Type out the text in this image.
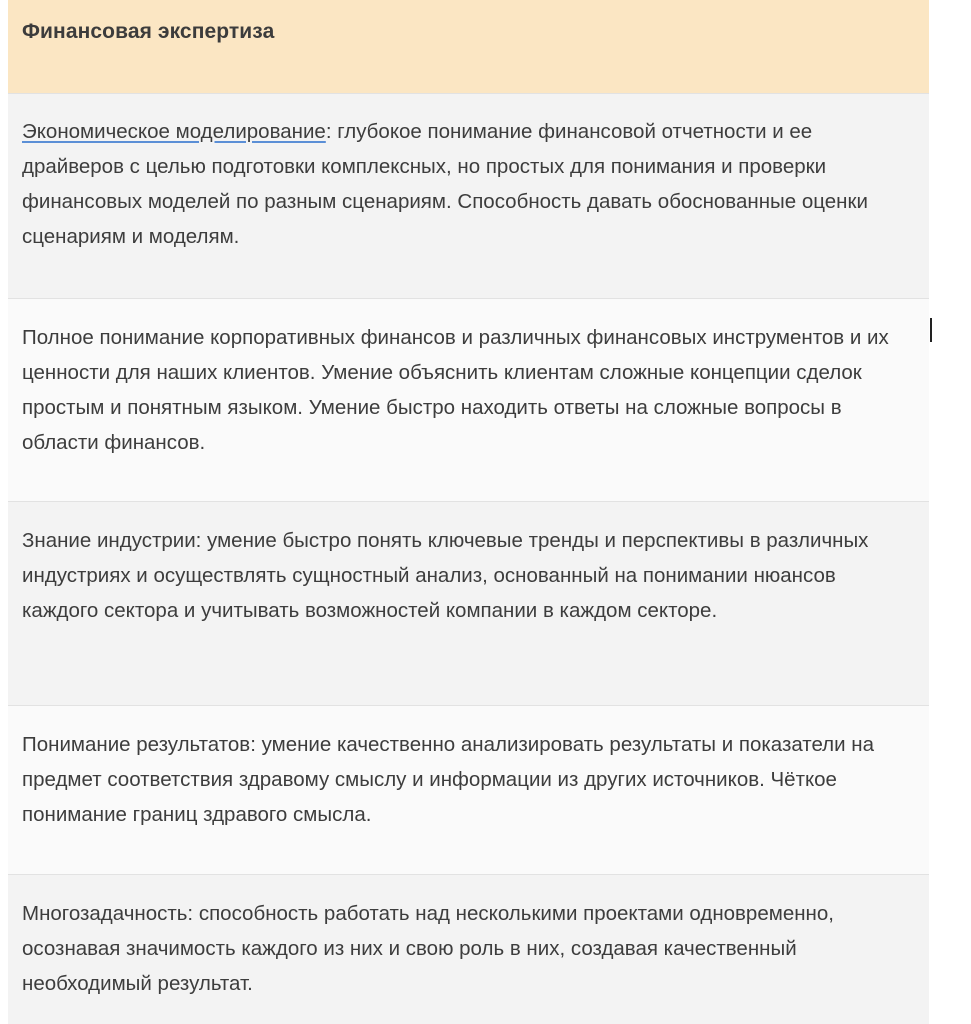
Финансовая экспертиза
Экономическое моделирование: глубокое понимание финансовой отчетности и ее драйверов с целью подготовки комплексных, но простых для понимания и проверки финансовых моделей по разным сценариям. Способность давать обоснованные оценки сценариям и моделям.
Полное понимание корпоративных финансов и различных финансовых инструментов и их ценности для наших клиентов. Умение объяснить клиентам сложные концепции сделок простым и понятным языком. Умение быстро находить ответы на сложные вопросы в области финансов.
Знание индустрии: умение быстро понять ключевые тренды и перспективы в различных индустриях и осуществлять сущностный анализ, основанный на понимании нюансов каждого сектора и учитывать возможностей компании в каждом секторе.
Понимание результатов: умение качественно анализировать результаты и показатели на предмет соответствия здравому смыслу и информации из других источников. Чёткое понимание границ здравого смысла.
Многозадачность: способность работать над несколькими проектами одновременно, осознавая значимость каждого из них и свою роль в них, создавая качественный необходимый результат.
